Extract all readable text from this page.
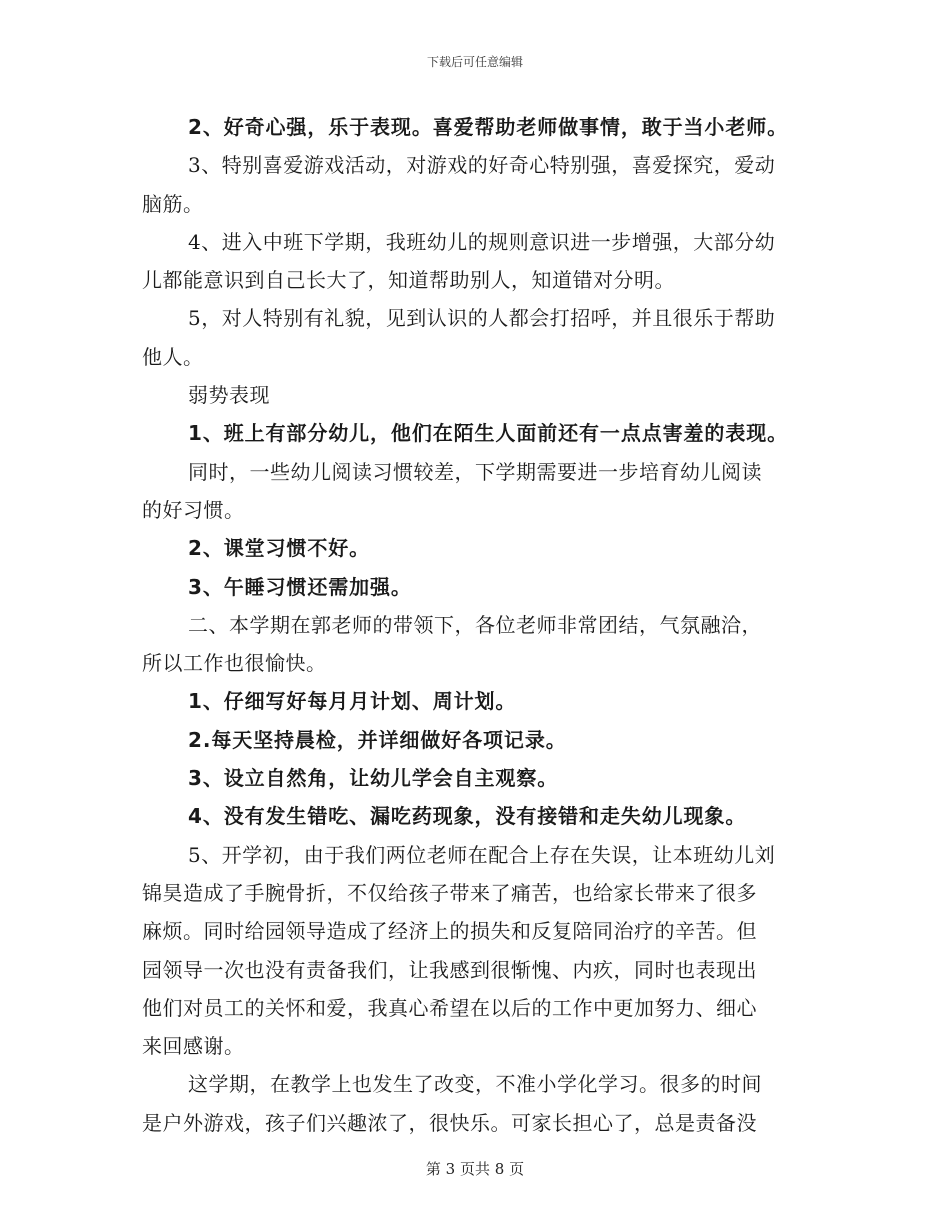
下载后可任意编辑
2、好奇心强，乐于表现。喜爱帮助老师做事情，敢于当小老师。
3、特别喜爱游戏活动，对游戏的好奇心特别强，喜爱探究，爱动
脑筋。
4、进入中班下学期，我班幼儿的规则意识进一步增强，大部分幼
儿都能意识到自己长大了，知道帮助别人，知道错对分明。
5，对人特别有礼貌，见到认识的人都会打招呼，并且很乐于帮助
他人。
弱势表现
1、班上有部分幼儿，他们在陌生人面前还有一点点害羞的表现。
同时，一些幼儿阅读习惯较差，下学期需要进一步培育幼儿阅读
的好习惯。
2、课堂习惯不好。
3、午睡习惯还需加强。
二、本学期在郭老师的带领下，各位老师非常团结，气氛融洽，
所以工作也很愉快。
1、仔细写好每月月计划、周计划。
2.每天坚持晨检，并详细做好各项记录。
3、设立自然角，让幼儿学会自主观察。
4、没有发生错吃、漏吃药现象，没有接错和走失幼儿现象。
5、开学初，由于我们两位老师在配合上存在失误，让本班幼儿刘
锦昊造成了手腕骨折，不仅给孩子带来了痛苦，也给家长带来了很多
麻烦。同时给园领导造成了经济上的损失和反复陪同治疗的辛苦。但
园领导一次也没有责备我们，让我感到很惭愧、内疚，同时也表现出
他们对员工的关怀和爱，我真心希望在以后的工作中更加努力、细心
来回感谢。
这学期，在教学上也发生了改变，不准小学化学习。很多的时间
是户外游戏，孩子们兴趣浓了，很快乐。可家长担心了，总是责备没
第 3 页共 8 页
